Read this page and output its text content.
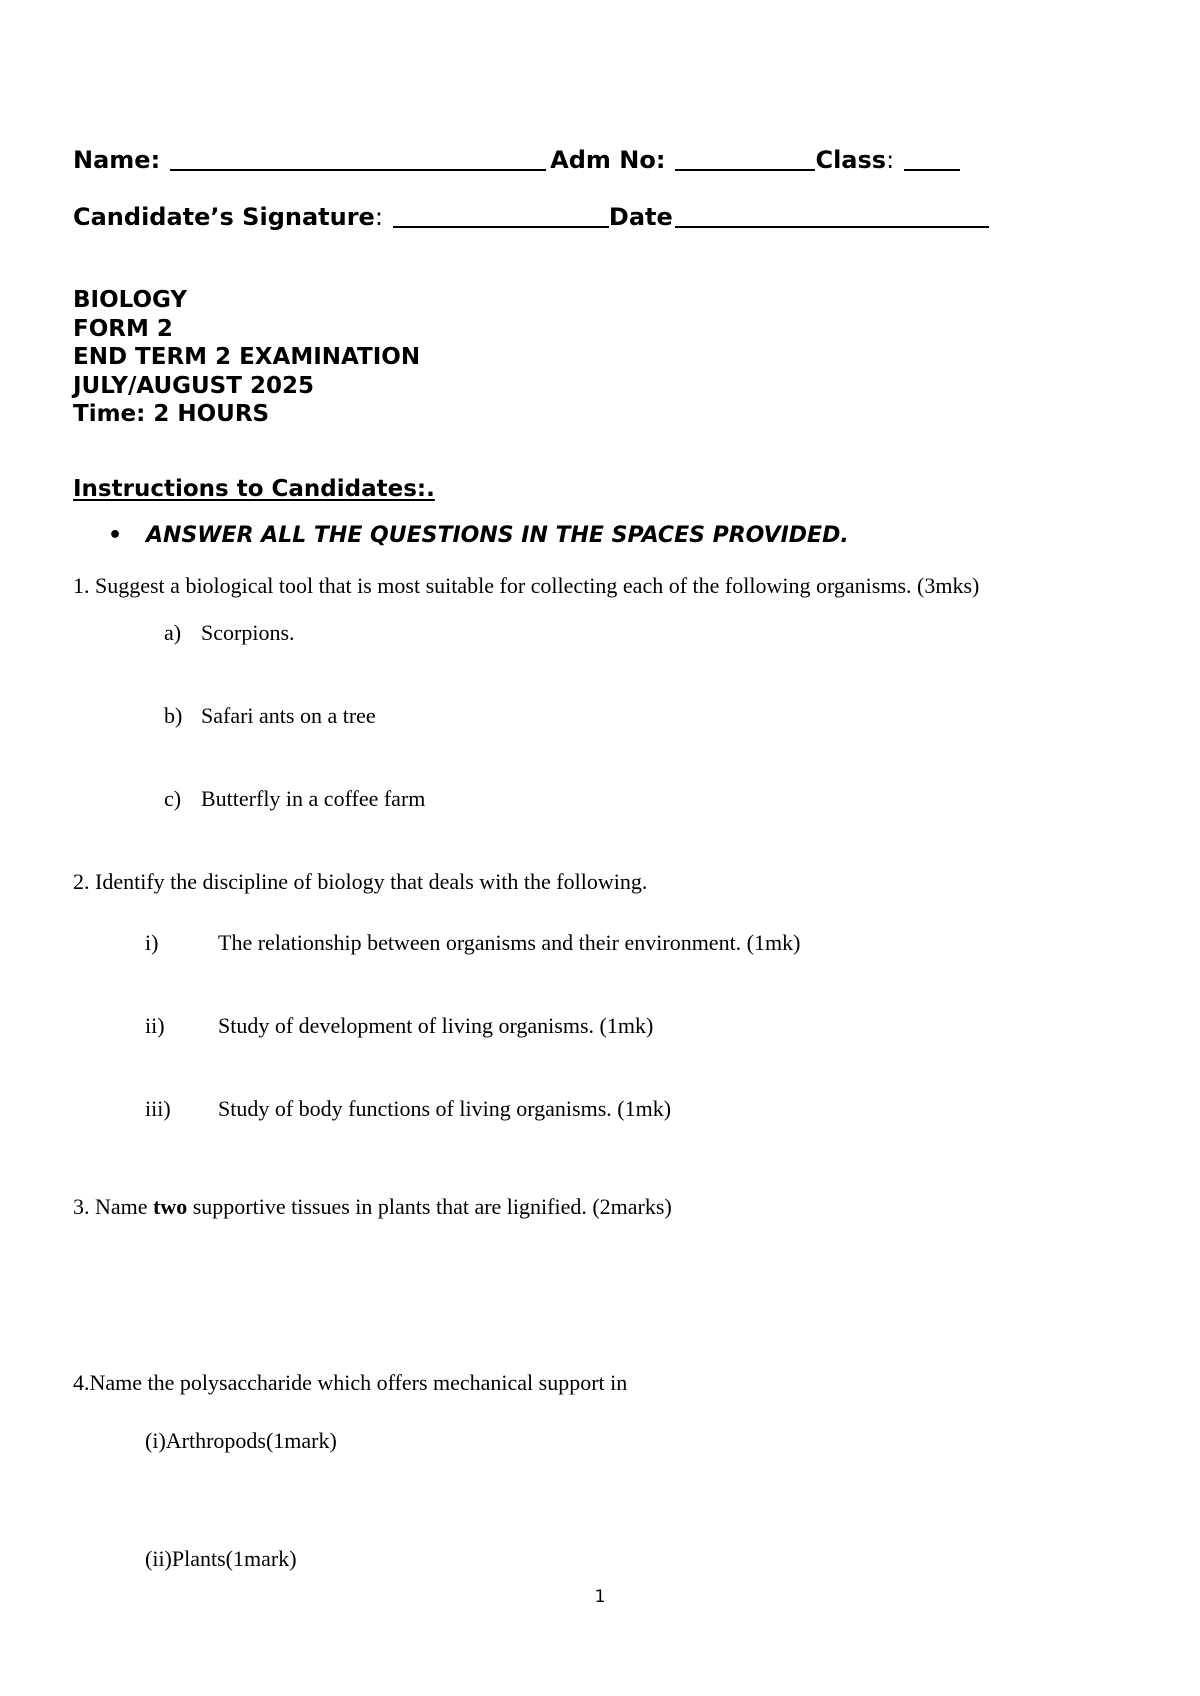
Name:	Adm No:	Class :
Candidate’s Signature :	Date
BIOLOGY
FORM 2
END TERM 2 EXAMINATION
JULY/AUGUST 2025
Time: 2 HOURS
Instructions to Candidates:.
• ANSWER ALL THE QUESTIONS IN THE SPACES PROVIDED.
1. Suggest a biological tool that is most suitable for collecting each of the following organisms. (3mks)
a) Scorpions.
b) Safari ants on a tree
c) Butterfly in a coffee farm
2. Identify the discipline of biology that deals with the following.
i)	The relationship between organisms and their environment. (1mk)
ii) Study of development of living organisms. (1mk)
iii) Study of body functions of living organisms. (1mk)
3. Name two supportive tissues in plants that are lignified. (2marks)
4.Name the polysaccharide which offers mechanical support in
(i)Arthropods(1mark)
(ii)Plants(1mark)
1
